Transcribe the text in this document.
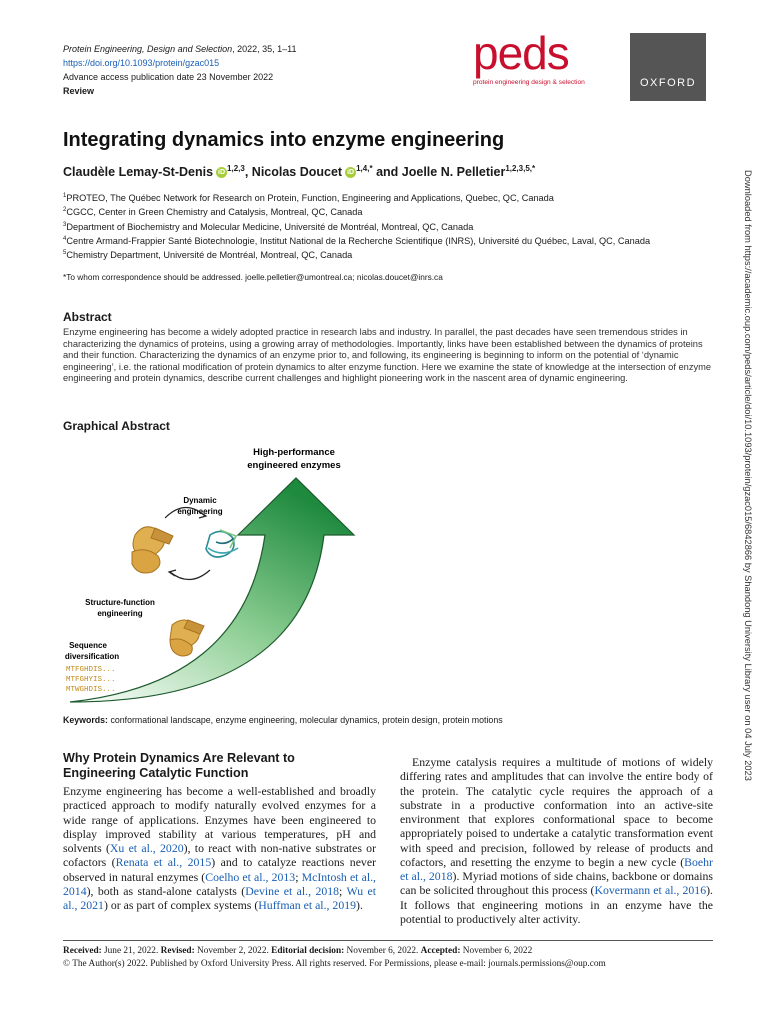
Protein Engineering, Design and Selection, 2022, 35, 1–11
https://doi.org/10.1093/protein/gzac015
Advance access publication date 23 November 2022
Review
peds
protein engineering design & selection	OXFORD
Integrating dynamics into enzyme engineering
Claudèle Lemay-St-Denis iD $^{1,2,3}$, Nicolas Doucet iD $^{1,4,*}$ and Joelle N. Pelletier$^{1,2,3,5,*}$
$^1$PROTEO, The Québec Network for Research on Protein, Function, Engineering and Applications, Quebec, QC, Canada
$^2$CGCC, Center in Green Chemistry and Catalysis, Montreal, QC, Canada
$^3$Department of Biochemistry and Molecular Medicine, Université de Montréal, Montreal, QC, Canada
$^4$Centre Armand-Frappier Santé Biotechnologie, Institut National de la Recherche Scientifique (INRS), Université du Québec, Laval, QC, Canada
$^5$Chemistry Department, Université de Montréal, Montreal, QC, Canada
*To whom correspondence should be addressed. joelle.pelletier@umontreal.ca; nicolas.doucet@inrs.ca
Abstract
Enzyme engineering has become a widely adopted practice in research labs and industry. In parallel, the past decades have seen tremendous strides in characterizing the dynamics of proteins, using a growing array of methodologies. Importantly, links have been established between the dynamics of proteins and their function. Characterizing the dynamics of an enzyme prior to, and following, its engineering is beginning to inform on the potential of ‘dynamic engineering’, i.e. the rational modification of protein dynamics to alter enzyme function. Here we examine the state of knowledge at the intersection of enzyme engineering and protein dynamics, describe current challenges and highlight pioneering work in the nascent area of dynamic engineering.
Graphical Abstract
High-performance
engineered enzymes
Dynamic
engineering
Structure-function
engineering
Sequence
diversification
MTFGHDIS...
MTFGHYIS...
MTWGHDIS...
Keywords: conformational landscape, enzyme engineering, molecular dynamics, protein design, protein motions
Why Protein Dynamics Are Relevant to Engineering Catalytic Function

Enzyme engineering has become a well-established and broadly practiced approach to modify naturally evolved enzymes for a wide range of applications. Enzymes have been engineered to display improved stability at various temperatures, pH and solvents (Xu et al., 2020), to react with non-native substrates or cofactors (Renata et al., 2015) and to catalyze reactions never observed in natural enzymes (Coelho et al., 2013; McIntosh et al., 2014), both as stand-alone catalysts (Devine et al., 2018; Wu et al., 2021) or as part of complex systems (Huffman et al., 2019).

Enzyme catalysis requires a multitude of motions of widely differing rates and amplitudes that can involve the entire body of the protein. The catalytic cycle requires the approach of a substrate in a productive conformation into an active-site environment that explores conformational space to become appropriately poised to undertake a catalytic transformation event with speed and precision, followed by release of products and cofactors, and resetting the enzyme to begin a new cycle (Boehr et al., 2018). Myriad motions of side chains, backbone or domains can be solicited throughout this process (Kovermann et al., 2016). It follows that engineering motions in an enzyme have the potential to productively alter activity.

Received: June 21, 2022. Revised: November 2, 2022. Editorial decision: November 6, 2022. Accepted: November 6, 2022
© The Author(s) 2022. Published by Oxford University Press. All rights reserved. For Permissions, please e-mail: journals.permissions@oup.com
Downloaded from https://academic.oup.com/peds/article/doi/10.1093/protein/gzac015/6842866 by Shandong University Library user on 04 July 2023
